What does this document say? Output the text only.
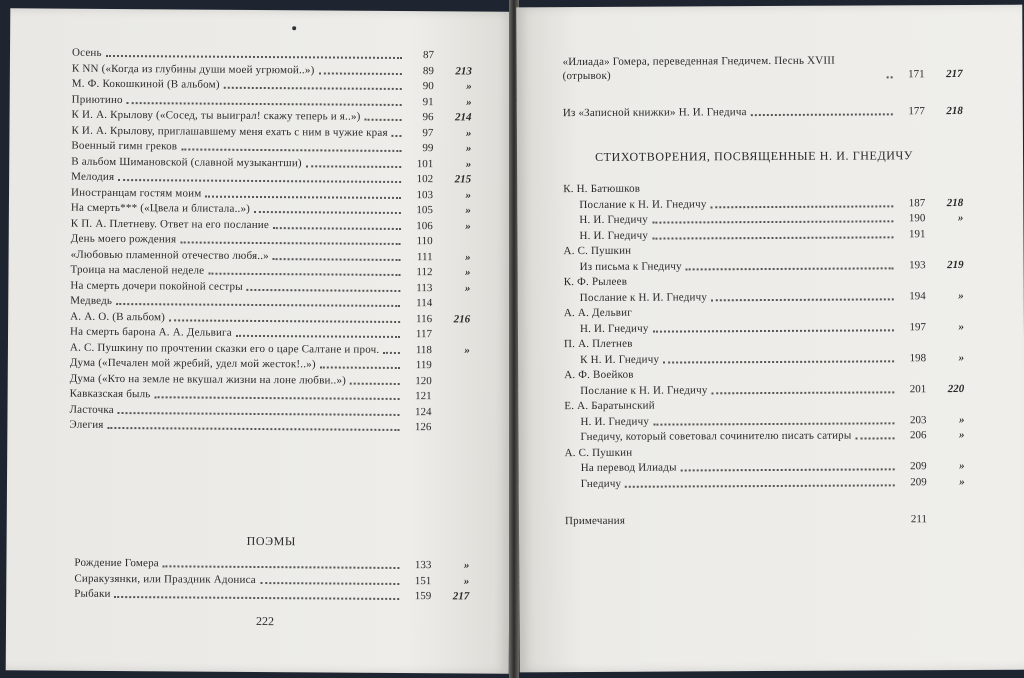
Осень	87
К NN («Когда из глубины души моей угрюмой..»)	89	213
М. Ф. Кокошкиной (В альбом)	90	»
Приютино	91	»
К И. А. Крылову («Сосед, ты выиграл! скажу теперь и я..»)	96	214
К И. А. Крылову, приглашавшему меня ехать с ним в чужие края	97	»
Военный гимн греков	99	»
В альбом Шимановской (славной музыкантши)	101	»
Мелодия	102	215
Иностранцам гостям моим	103	»
На смерть*** («Цвела и блистала..»)	105	»
К П. А. Плетневу. Ответ на его послание	106	»
День моего рождения	110
«Любовью пламенной отечество любя..»	111	»
Троица на масленой неделе	112	»
На смерть дочери покойной сестры	113	»
Медведь	114
А. А. О. (В альбом)	116	216
На смерть барона А. А. Дельвига	117
А. С. Пушкину по прочтении сказки его о царе Салтане и проч.	118	»
Дума («Печален мой жребий, удел мой жесток!..»)	119
Дума («Кто на земле не вкушал жизни на лоне любви..»)	120
Кавказская быль	121
Ласточка	124
Элегия	126
ПОЭМЫ
Рождение Гомера	133	»
Сиракузянки, или Праздник Адониса	151	»
Рыбаки	159	217
222
«Илиада» Гомера, переведенная Гнедичем. Песнь XVIII (отрывок)	171	217
Из «Записной книжки» Н. И. Гнедича	177	218
СТИХОТВОРЕНИЯ, ПОСВЯЩЕННЫЕ Н. И. ГНЕДИЧУ
К. Н. Батюшков
Послание к Н. И. Гнедичу	187	218
Н. И. Гнедичу	190	»
Н. И. Гнедичу	191
А. С. Пушкин
Из письма к Гнедичу	193	219
К. Ф. Рылеев
Послание к Н. И. Гнедичу	194	»
А. А. Дельвиг
Н. И. Гнедичу	197	»
П. А. Плетнев
К Н. И. Гнедичу	198	»
А. Ф. Воейков
Послание к Н. И. Гнедичу	201	220
Е. А. Баратынский
Н. И. Гнедичу	203	»
Гнедичу, который советовал сочинителю писать сатиры	206	»
А. С. Пушкин
На перевод Илиады	209	»
Гнедичу	209	»
Примечания	211
